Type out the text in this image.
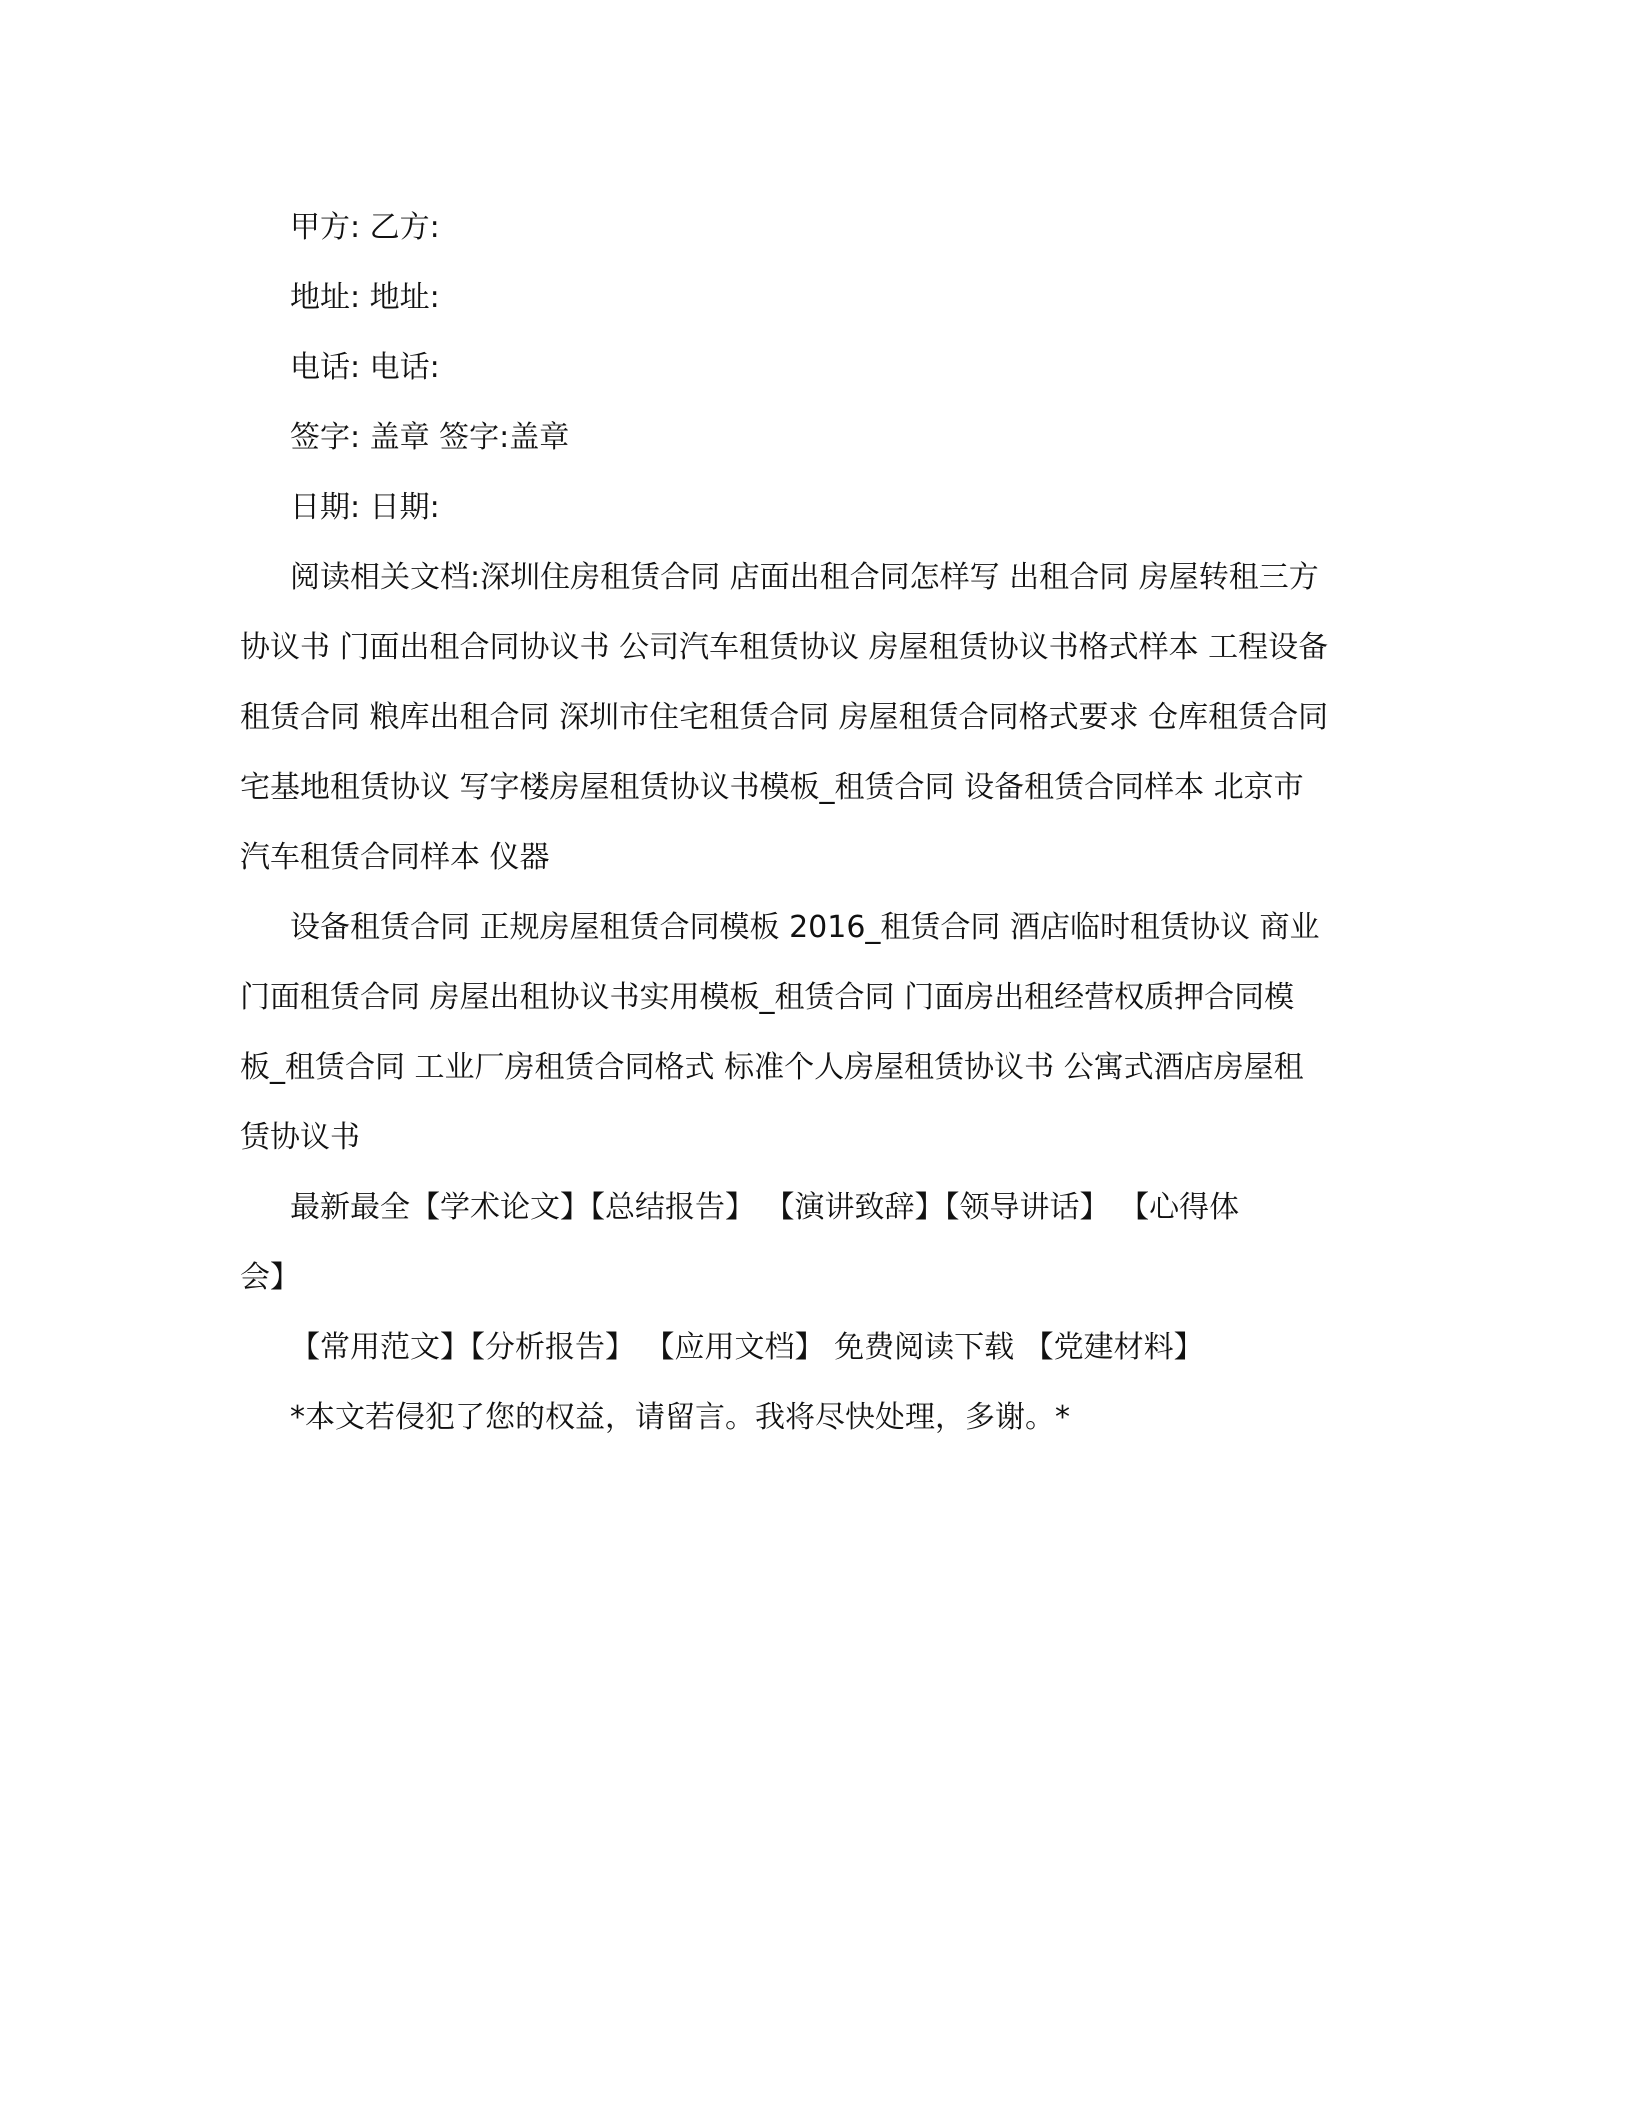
甲方: 乙方:
地址: 地址:
电话: 电话:
签字: 盖章 签字:盖章
日期: 日期:
阅读相关文档:深圳住房租赁合同 店面出租合同怎样写 出租合同 房屋转租三方
协议书 门面出租合同协议书 公司汽车租赁协议 房屋租赁协议书格式样本 工程设备
租赁合同 粮库出租合同 深圳市住宅租赁合同 房屋租赁合同格式要求 仓库租赁合同
宅基地租赁协议 写字楼房屋租赁协议书模板_租赁合同 设备租赁合同样本 北京市
汽车租赁合同样本 仪器
设备租赁合同 正规房屋租赁合同模板 2016_租赁合同 酒店临时租赁协议 商业
门面租赁合同 房屋出租协议书实用模板_租赁合同 门面房出租经营权质押合同模
板_租赁合同 工业厂房租赁合同格式 标准个人房屋租赁协议书 公寓式酒店房屋租
赁协议书
最新最全【学术论文】【总结报告】 【演讲致辞】【领导讲话】 【心得体
会】
【常用范文】【分析报告】 【应用文档】 免费阅读下载 【党建材料】
*本文若侵犯了您的权益，请留言。我将尽快处理，多谢。*
